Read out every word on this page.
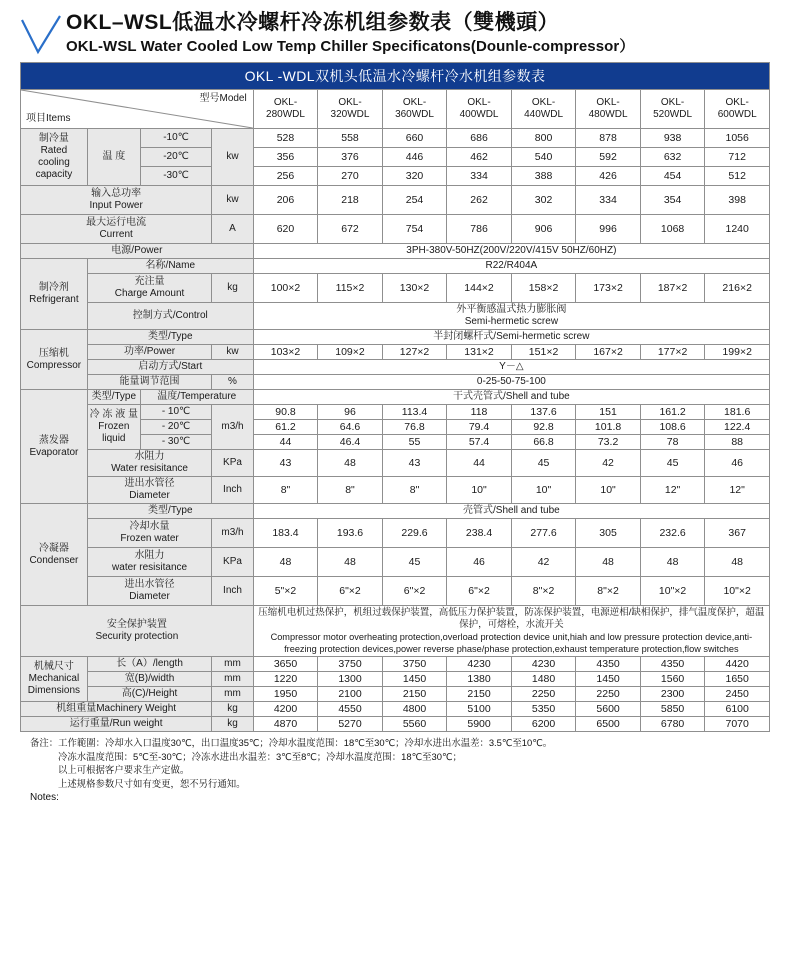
OKL–WSL低温水冷螺杆冷冻机组参数表（雙機頭）
OKL-WSL Water Cooled Low Temp Chiller Specificatons(Dounle-compressor）
OKL -WDL双机头低温水冷螺杆冷水机组参数表											

项目Items
型号Model				OKL-280WDL	OKL-320WDL	OKL-360WDL	OKL-400WDL	OKL-440WDL	OKL-480WDL	OKL-520WDL	OKL-600WDL

制冷量
Rated
cooling
capacity	温 度	-10℃	kw	528	558	660	686	800	878	938	1056
		-20℃		356	376	446	462	540	592	632	712
		-30℃		256	270	320	334	388	426	454	512

输入总功率
Input Power			kw	206	218	254	262	302	334	354	398

最大运行电流
Current			A	620	672	754	786	906	996	1068	1240
电源/Power				3PH-380V-50HZ(200V/220V/415V 50HZ/60HZ)							

制冷剂
Refrigerant	名称/Name			R22/R404A							

	充注量
Charge Amount		kg	100×2	115×2	130×2	144×2	158×2	173×2	187×2	216×2
	控制方式/Control			外平衡感温式热力膨胀阀
Semi-hermetic screw							

压缩机
Compressor	类型/Type			半封闭螺杆式/Semi-hermetic screw							
	功率/Power		kw	103×2	109×2	127×2	131×2	151×2	167×2	177×2	199×2
	启动方式/Start			Y－△							
	能量调节范围		%	0-25-50-75-100							

蒸发器
Evaporator	类型/Type	温度/Temperature		干式壳管式/Shell and tube							

	冷 冻 液 量
Frozen liquid	- 10℃	m3/h	90.8	96	113.4	118	137.6	151	161.2	181.6
		- 20℃		61.2	64.6	76.8	79.4	92.8	101.8	108.6	122.4
		- 30℃		44	46.4	55	57.4	66.8	73.2	78	88

	水阻力
Water resisitance		KPa	43	48	43	44	45	42	45	46

	进出水管径
Diameter		Inch	8"	8"	8"	10"	10"	10"	12"	12"

冷凝器
Condenser	类型/Type			壳管式/Shell and tube							

	冷却水量
Frozen water		m3/h	183.4	193.6	229.6	238.4	277.6	305	232.6	367

	水阻力
water resisitance		KPa	48	48	45	46	42	48	48	48

	进出水管径
Diameter		Inch	5"×2	6"×2	6"×2	6"×2	8"×2	8"×2	10"×2	10"×2

安全保护装置
Security protection

压缩机电机过热保护，机组过载保护装置，高低压力保护装置，防冻保护装置，电源逆相/缺相保护，排气温度保护，超温保护，可熔栓，水流开关
Compressor motor overheating protection,overload protection device unit,hiah and low pressure protection device,anti-freezing protection devices,power reverse phase/phase protection,exhaust temperature protection,flow switches

机械尺寸
Mechanical
Dimensions	长（A）/length		mm	3650	3750	3750	4230	4230	4350	4350	4420
	宽(B)/width		mm	1220	1300	1450	1380	1480	1450	1560	1650
	高(C)/Height		mm	1950	2100	2150	2150	2250	2250	2300	2450
机组重量Machinery Weight			kg	4200	4550	4800	5100	5350	5600	5850	6100
运行重量/Run weight			kg	4870	5270	5560	5900	6200	6500	6780	7070
备注：工作範圍：冷却水入口温度30℃，出口温度35℃；冷却水温度范围：18℃至30℃；冷却水进出水温差：3.5℃至10℃。
冷冻水温度范围：5℃至-30℃；冷冻水进出水温差：3℃至8℃；冷却水温度范围：18℃至30℃；
以上可根据客户要求生产定做。
上述规格参数尺寸如有变更，恕不另行通知。
Notes:
